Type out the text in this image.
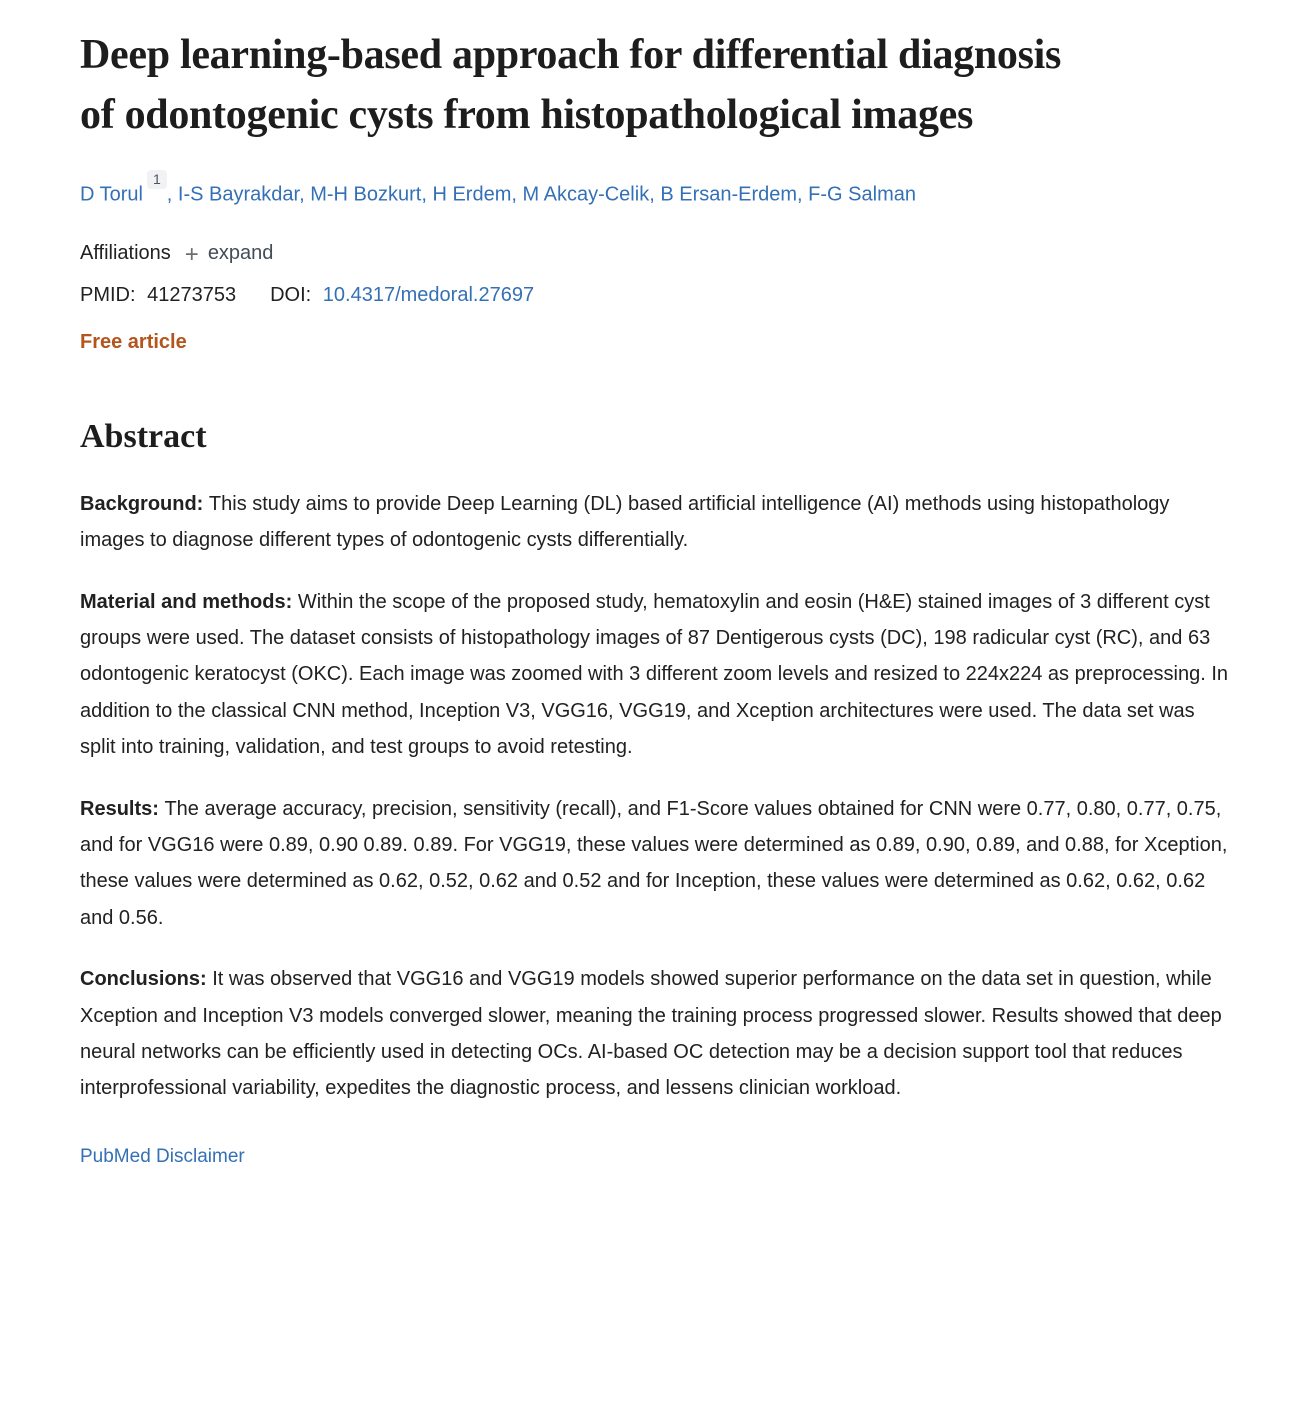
Deep learning-based approach for differential diagnosis of odontogenic cysts from histopathological images
D Torul$^1$, I-S Bayrakdar, M-H Bozkurt, H Erdem, M Akcay-Celik, B Ersan-Erdem, F-G Salman
Affiliations + expand
PMID: 41273753 DOI: 10.4317/medoral.27697
Free article
Abstract

Background: This study aims to provide Deep Learning (DL) based artificial intelligence (AI) methods using histopathology images to diagnose different types of odontogenic cysts differentially.

Material and methods: Within the scope of the proposed study, hematoxylin and eosin (H&E) stained images of 3 different cyst groups were used. The dataset consists of histopathology images of 87 Dentigerous cysts (DC), 198 radicular cyst (RC), and 63 odontogenic keratocyst (OKC). Each image was zoomed with 3 different zoom levels and resized to 224x224 as preprocessing. In addition to the classical CNN method, Inception V3, VGG16, VGG19, and Xception architectures were used. The data set was split into training, validation, and test groups to avoid retesting.

Results: The average accuracy, precision, sensitivity (recall), and F1-Score values obtained for CNN were 0.77, 0.80, 0.77, 0.75, and for VGG16 were 0.89, 0.90 0.89. 0.89. For VGG19, these values were determined as 0.89, 0.90, 0.89, and 0.88, for Xception, these values were determined as 0.62, 0.52, 0.62 and 0.52 and for Inception, these values were determined as 0.62, 0.62, 0.62 and 0.56.

Conclusions: It was observed that VGG16 and VGG19 models showed superior performance on the data set in question, while Xception and Inception V3 models converged slower, meaning the training process progressed slower. Results showed that deep neural networks can be efficiently used in detecting OCs. AI-based OC detection may be a decision support tool that reduces interprofessional variability, expedites the diagnostic process, and lessens clinician workload.

PubMed Disclaimer
